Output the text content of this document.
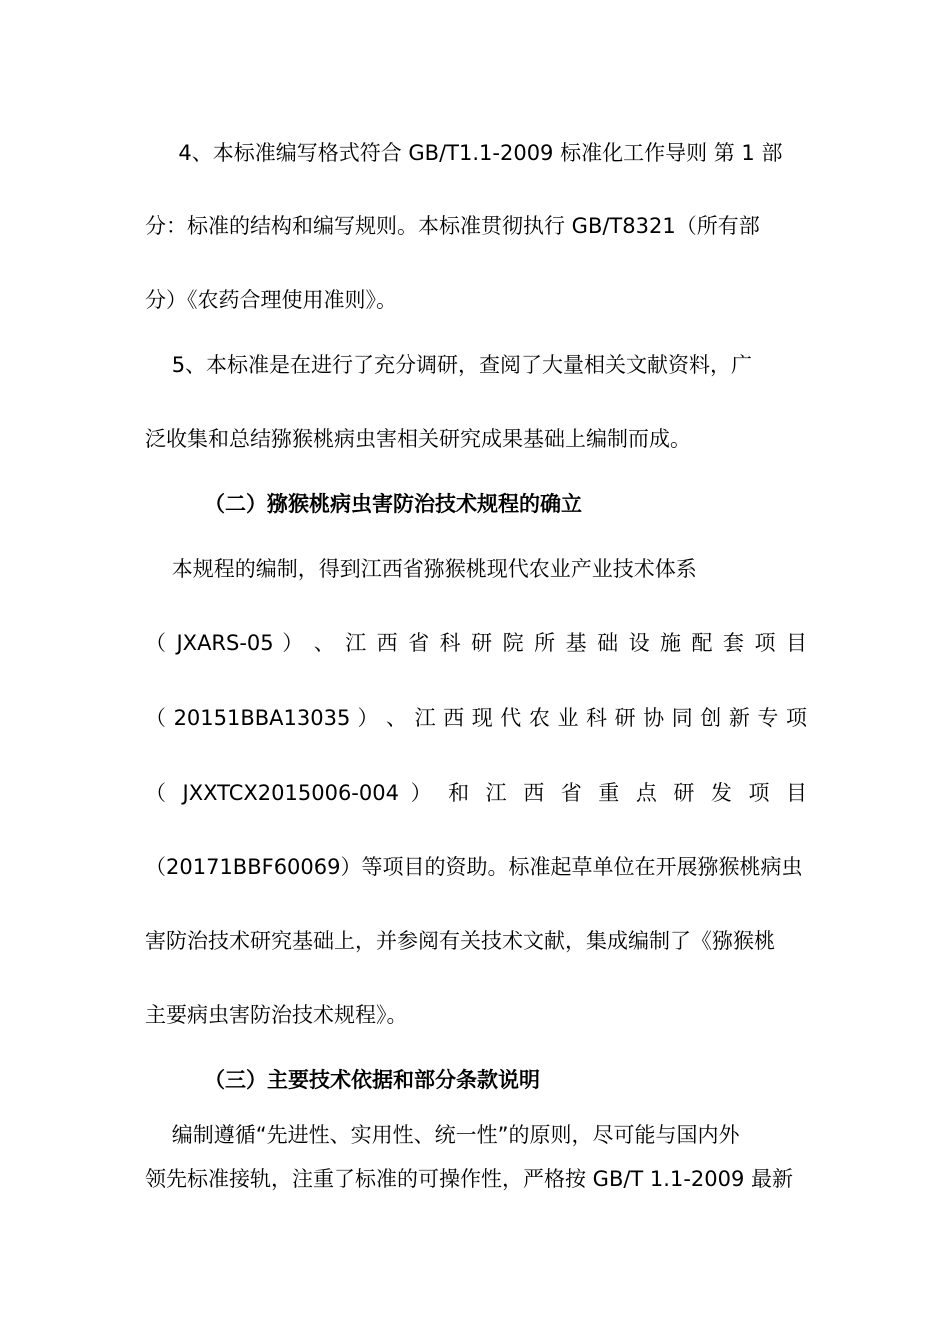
4、本标准编写格式符合 GB/T1.1-2009 标准化工作导则 第 1 部
分：标准的结构和编写规则。本标准贯彻执行 GB/T8321（所有部
分）《农药合理使用准则》。
5、本标准是在进行了充分调研，查阅了大量相关文献资料，广
泛收集和总结猕猴桃病虫害相关研究成果基础上编制而成。
（二）猕猴桃病虫害防治技术规程的确立
本规程的编制，得到江西省猕猴桃现代农业产业技术体系
（ JXARS-05 ） 、 江 西 省 科 研 院 所 基 础 设 施 配 套 项 目
（ 20151BBA13035 ） 、 江 西 现 代 农 业 科 研 协 同 创 新 专 项
（ JXXTCX2015006-004 ） 和 江 西 省 重 点 研 发 项 目
（20171BBF60069）等项目的资助。标准起草单位在开展猕猴桃病虫
害防治技术研究基础上，并参阅有关技术文献，集成编制了《猕猴桃
主要病虫害防治技术规程》。
（三）主要技术依据和部分条款说明
编制遵循“先进性、实用性、统一性”的原则，尽可能与国内外
领先标准接轨，注重了标准的可操作性，严格按 GB/T 1.1-2009 最新
